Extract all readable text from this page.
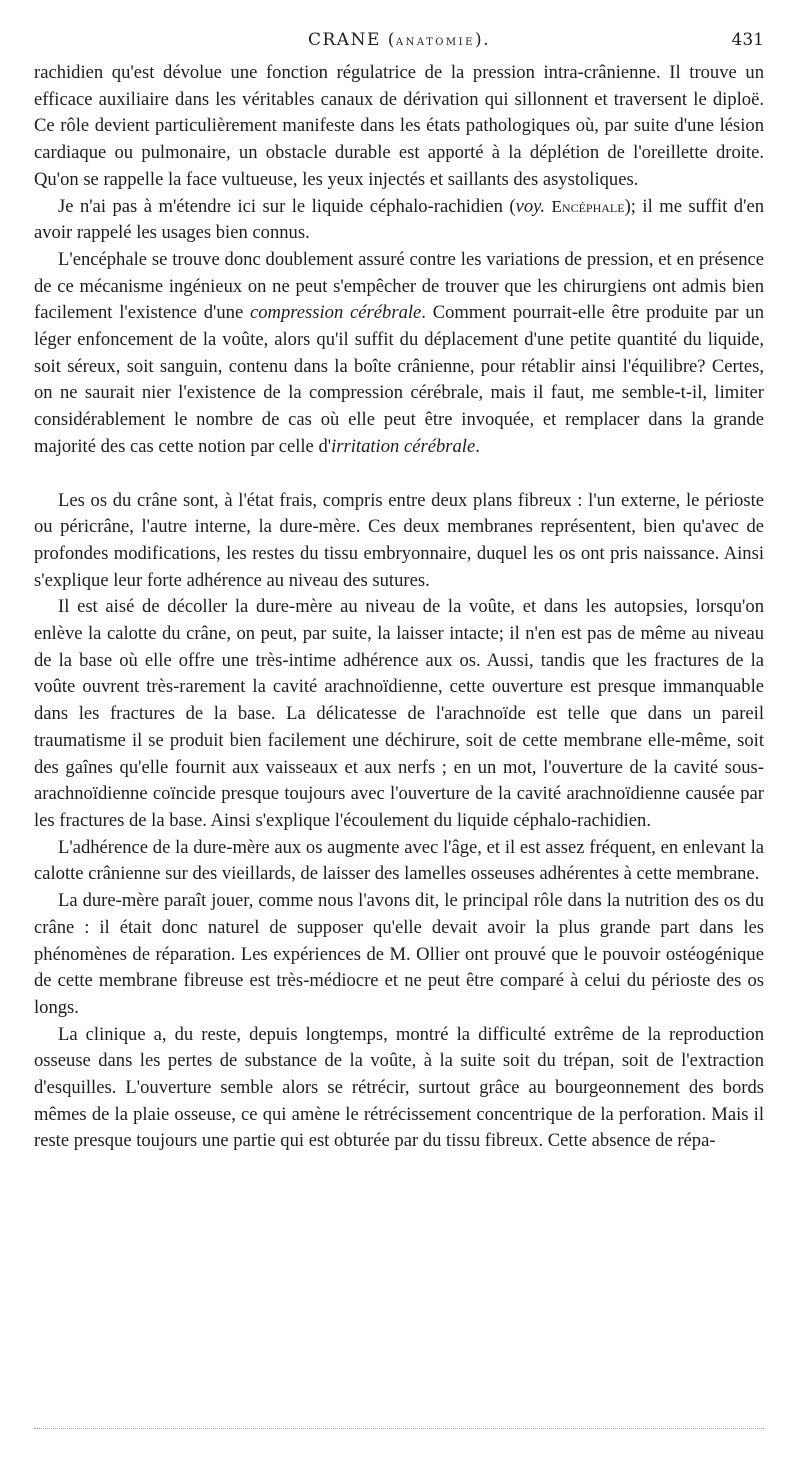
CRANE (ANATOMIE).	431

rachidien qu'est dévolue une fonction régulatrice de la pression intra-crânienne. Il trouve un efficace auxiliaire dans les véritables canaux de dérivation qui sillonnent et traversent le diploë. Ce rôle devient particulièrement manifeste dans les états pathologiques où, par suite d'une lésion cardiaque ou pulmonaire, un obstacle durable est apporté à la déplétion de l'oreillette droite. Qu'on se rappelle la face vultueuse, les yeux injectés et saillants des asystoliques.

Je n'ai pas à m'étendre ici sur le liquide céphalo-rachidien (voy. Encéphale); il me suffit d'en avoir rappelé les usages bien connus.

L'encéphale se trouve donc doublement assuré contre les variations de pression, et en présence de ce mécanisme ingénieux on ne peut s'empêcher de trouver que les chirurgiens ont admis bien facilement l'existence d'une compression cérébrale. Comment pourrait-elle être produite par un léger enfoncement de la voûte, alors qu'il suffit du déplacement d'une petite quantité du liquide, soit séreux, soit sanguin, contenu dans la boîte crânienne, pour rétablir ainsi l'équilibre? Certes, on ne saurait nier l'existence de la compression cérébrale, mais il faut, me semble-t-il, limiter considérablement le nombre de cas où elle peut être invoquée, et remplacer dans la grande majorité des cas cette notion par celle d'irritation cérébrale.

Les os du crâne sont, à l'état frais, compris entre deux plans fibreux : l'un externe, le périoste ou péricrâne, l'autre interne, la dure-mère. Ces deux membranes représentent, bien qu'avec de profondes modifications, les restes du tissu embryonnaire, duquel les os ont pris naissance. Ainsi s'explique leur forte adhérence au niveau des sutures.

Il est aisé de décoller la dure-mère au niveau de la voûte, et dans les autopsies, lorsqu'on enlève la calotte du crâne, on peut, par suite, la laisser intacte; il n'en est pas de même au niveau de la base où elle offre une très-intime adhérence aux os. Aussi, tandis que les fractures de la voûte ouvrent très-rarement la cavité arachnoïdienne, cette ouverture est presque immanquable dans les fractures de la base. La délicatesse de l'arachnoïde est telle que dans un pareil traumatisme il se produit bien facilement une déchirure, soit de cette membrane elle-même, soit des gaînes qu'elle fournit aux vaisseaux et aux nerfs ; en un mot, l'ouverture de la cavité sous-arachnoïdienne coïncide presque toujours avec l'ouverture de la cavité arachnoïdienne causée par les fractures de la base. Ainsi s'explique l'écoulement du liquide céphalo-rachidien.

L'adhérence de la dure-mère aux os augmente avec l'âge, et il est assez fréquent, en enlevant la calotte crânienne sur des vieillards, de laisser des lamelles osseuses adhérentes à cette membrane.

La dure-mère paraît jouer, comme nous l'avons dit, le principal rôle dans la nutrition des os du crâne : il était donc naturel de supposer qu'elle devait avoir la plus grande part dans les phénomènes de réparation. Les expériences de M. Ollier ont prouvé que le pouvoir ostéogénique de cette membrane fibreuse est très-médiocre et ne peut être comparé à celui du périoste des os longs.

La clinique a, du reste, depuis longtemps, montré la difficulté extrême de la reproduction osseuse dans les pertes de substance de la voûte, à la suite soit du trépan, soit de l'extraction d'esquilles. L'ouverture semble alors se rétrécir, surtout grâce au bourgeonnement des bords mêmes de la plaie osseuse, ce qui amène le rétrécissement concentrique de la perforation. Mais il reste presque toujours une partie qui est obturée par du tissu fibreux. Cette absence de répa-
